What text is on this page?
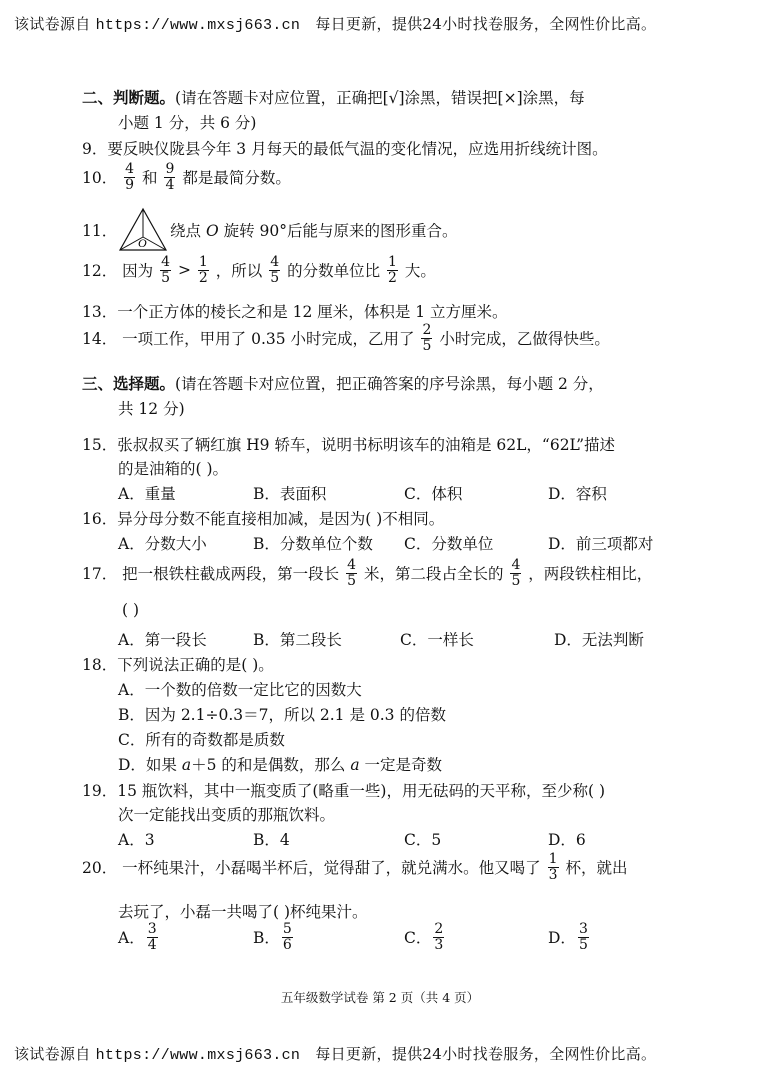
该试卷源自 https://www.mxsj663.cn 每日更新，提供24小时找卷服务，全网性价比高。
二、判断题。(请在答题卡对应位置，正确把[√]涂黑，错误把[×]涂黑，每
小题 1 分，共 6 分)
9．要反映仪陇县今年 3 月每天的最低气温的变化情况，应选用折线统计图。
10． $\frac{4}{9}$ 和 $\frac{9}{4}$ 都是最简分数。
11．
O
绕点 O 旋转 90°后能与原来的图形重合。
12． 因为 $\frac{4}{5} > \frac{1}{2}$ ，所以 $\frac{4}{5}$ 的分数单位比 $\frac{1}{2}$ 大。
13．一个正方体的棱长之和是 12 厘米，体积是 1 立方厘米。
14． 一项工作，甲用了 0.35 小时完成，乙用了 $\frac{2}{5}$ 小时完成，乙做得快些。
三、选择题。(请在答题卡对应位置，把正确答案的序号涂黑，每小题 2 分，
共 12 分)
15．张叔叔买了辆红旗 H9 轿车，说明书标明该车的油箱是 62L，“62L”描述
的是油箱的( )。
A．重量	B．表面积	C．体积	D．容积
16．异分母分数不能直接相加减，是因为( )不相同。
A．分数大小	B．分数单位个数 C．分数单位	D．前三项都对
17． 把一根铁柱截成两段，第一段长 $\frac{4}{5}$ 米，第二段占全长的 $\frac{4}{5}$ ，两段铁柱相比，
( )
A．第一段长	B．第二段长	C．一样长	D．无法判断
18．下列说法正确的是( )。
A．一个数的倍数一定比它的因数大
B．因为 2.1÷0.3＝7，所以 2.1 是 0.3 的倍数
C．所有的奇数都是质数
D．如果 a＋5 的和是偶数，那么 a 一定是奇数
19．15 瓶饮料，其中一瓶变质了(略重一些)，用无砝码的天平称，至少称( )
次一定能找出变质的那瓶饮料。
A．3	B．4	C．5	D．6
20． 一杯纯果汁，小磊喝半杯后，觉得甜了，就兑满水。他又喝了 $\frac{1}{3}$ 杯，就出
去玩了，小磊一共喝了( )杯纯果汁。
A． $\frac{3}{4}$	B． $\frac{5}{6}$	C． $\frac{2}{3}$	D． $\frac{3}{5}$
五年级数学试卷 第 2 页（共 4 页）
该试卷源自 https://www.mxsj663.cn 每日更新，提供24小时找卷服务，全网性价比高。
